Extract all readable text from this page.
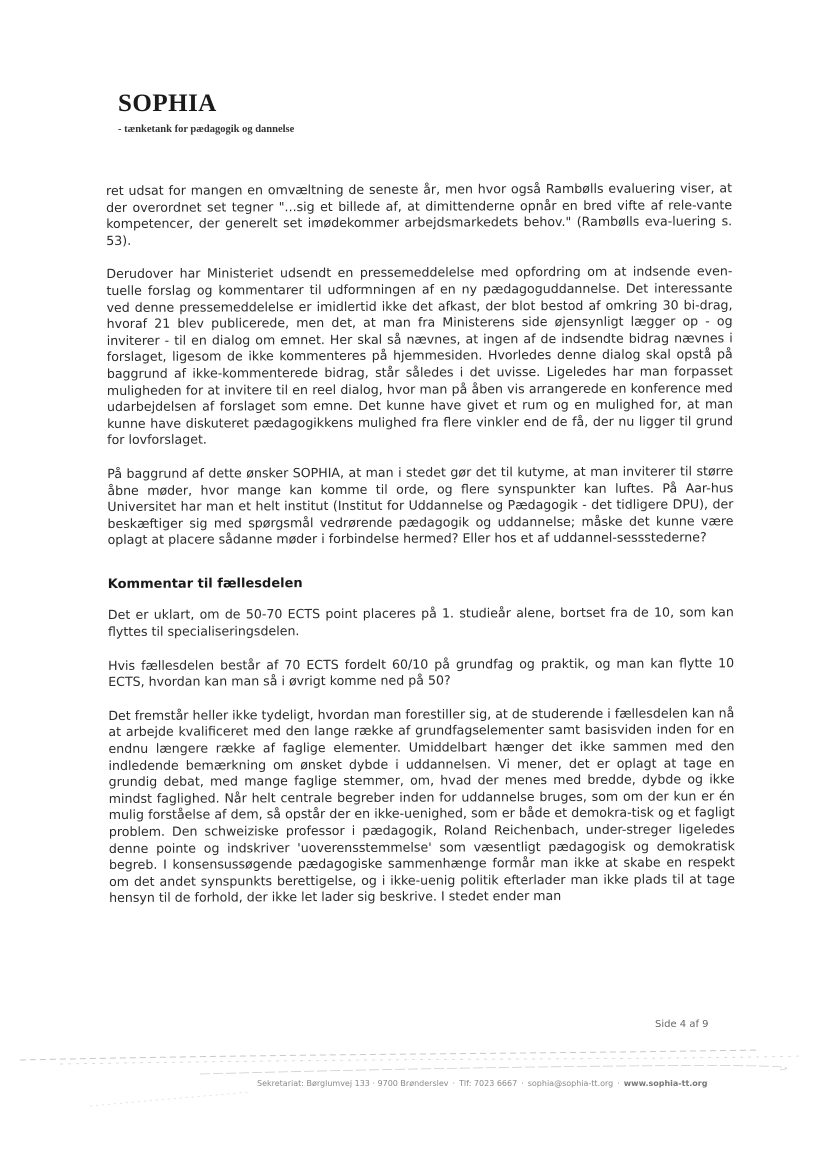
SOPHIA
- tænketank for pædagogik og dannelse

ret udsat for mangen en omvæltning de seneste år, men hvor også Rambølls evaluering viser, at der overordnet set tegner "...sig et billede af, at dimittenderne opnår en bred vifte af rele-vante kompetencer, der generelt set imødekommer arbejdsmarkedets behov." (Rambølls eva-luering s. 53).

Derudover har Ministeriet udsendt en pressemeddelelse med opfordring om at indsende even-tuelle forslag og kommentarer til udformningen af en ny pædagoguddannelse. Det interessante ved denne pressemeddelelse er imidlertid ikke det afkast, der blot bestod af omkring 30 bi-drag, hvoraf 21 blev publicerede, men det, at man fra Ministerens side øjensynligt lægger op - og inviterer - til en dialog om emnet. Her skal så nævnes, at ingen af de indsendte bidrag nævnes i forslaget, ligesom de ikke kommenteres på hjemmesiden. Hvorledes denne dialog skal opstå på baggrund af ikke-kommenterede bidrag, står således i det uvisse. Ligeledes har man forpasset muligheden for at invitere til en reel dialog, hvor man på åben vis arrangerede en konference med udarbejdelsen af forslaget som emne. Det kunne have givet et rum og en mulighed for, at man kunne have diskuteret pædagogikkens mulighed fra flere vinkler end de få, der nu ligger til grund for lovforslaget.

På baggrund af dette ønsker SOPHIA, at man i stedet gør det til kutyme, at man inviterer til større åbne møder, hvor mange kan komme til orde, og flere synspunkter kan luftes. På Aar-hus Universitet har man et helt institut (Institut for Uddannelse og Pædagogik - det tidligere DPU), der beskæftiger sig med spørgsmål vedrørende pædagogik og uddannelse; måske det kunne være oplagt at placere sådanne møder i forbindelse hermed? Eller hos et af uddannel-sessstederne?

Kommentar til fællesdelen

Det er uklart, om de 50-70 ECTS point placeres på 1. studieår alene, bortset fra de 10, som kan flyttes til specialiseringsdelen.

Hvis fællesdelen består af 70 ECTS fordelt 60/10 på grundfag og praktik, og man kan flytte 10 ECTS, hvordan kan man så i øvrigt komme ned på 50?

Det fremstår heller ikke tydeligt, hvordan man forestiller sig, at de studerende i fællesdelen kan nå at arbejde kvalificeret med den lange række af grundfagselementer samt basisviden inden for en endnu længere række af faglige elementer. Umiddelbart hænger det ikke sammen med den indledende bemærkning om ønsket dybde i uddannelsen. Vi mener, det er oplagt at tage en grundig debat, med mange faglige stemmer, om, hvad der menes med bredde, dybde og ikke mindst faglighed. Når helt centrale begreber inden for uddannelse bruges, som om der kun er én mulig forståelse af dem, så opstår der en ikke-uenighed, som er både et demokra-tisk og et fagligt problem. Den schweiziske professor i pædagogik, Roland Reichenbach, under-streger ligeledes denne pointe og indskriver 'uoverensstemmelse' som væsentligt pædagogisk og demokratisk begreb. I konsensussøgende pædagogiske sammenhænge formår man ikke at skabe en respekt om det andet synspunkts berettigelse, og i ikke-uenig politik efterlader man ikke plads til at tage hensyn til de forhold, der ikke let lader sig beskrive. I stedet ender man

Side 4 af 9
Sekretariat: Børglumvej 133 · 9700 Brønderslev · Tlf: 7023 6667 · sophia@sophia-tt.org · www.sophia-tt.org
